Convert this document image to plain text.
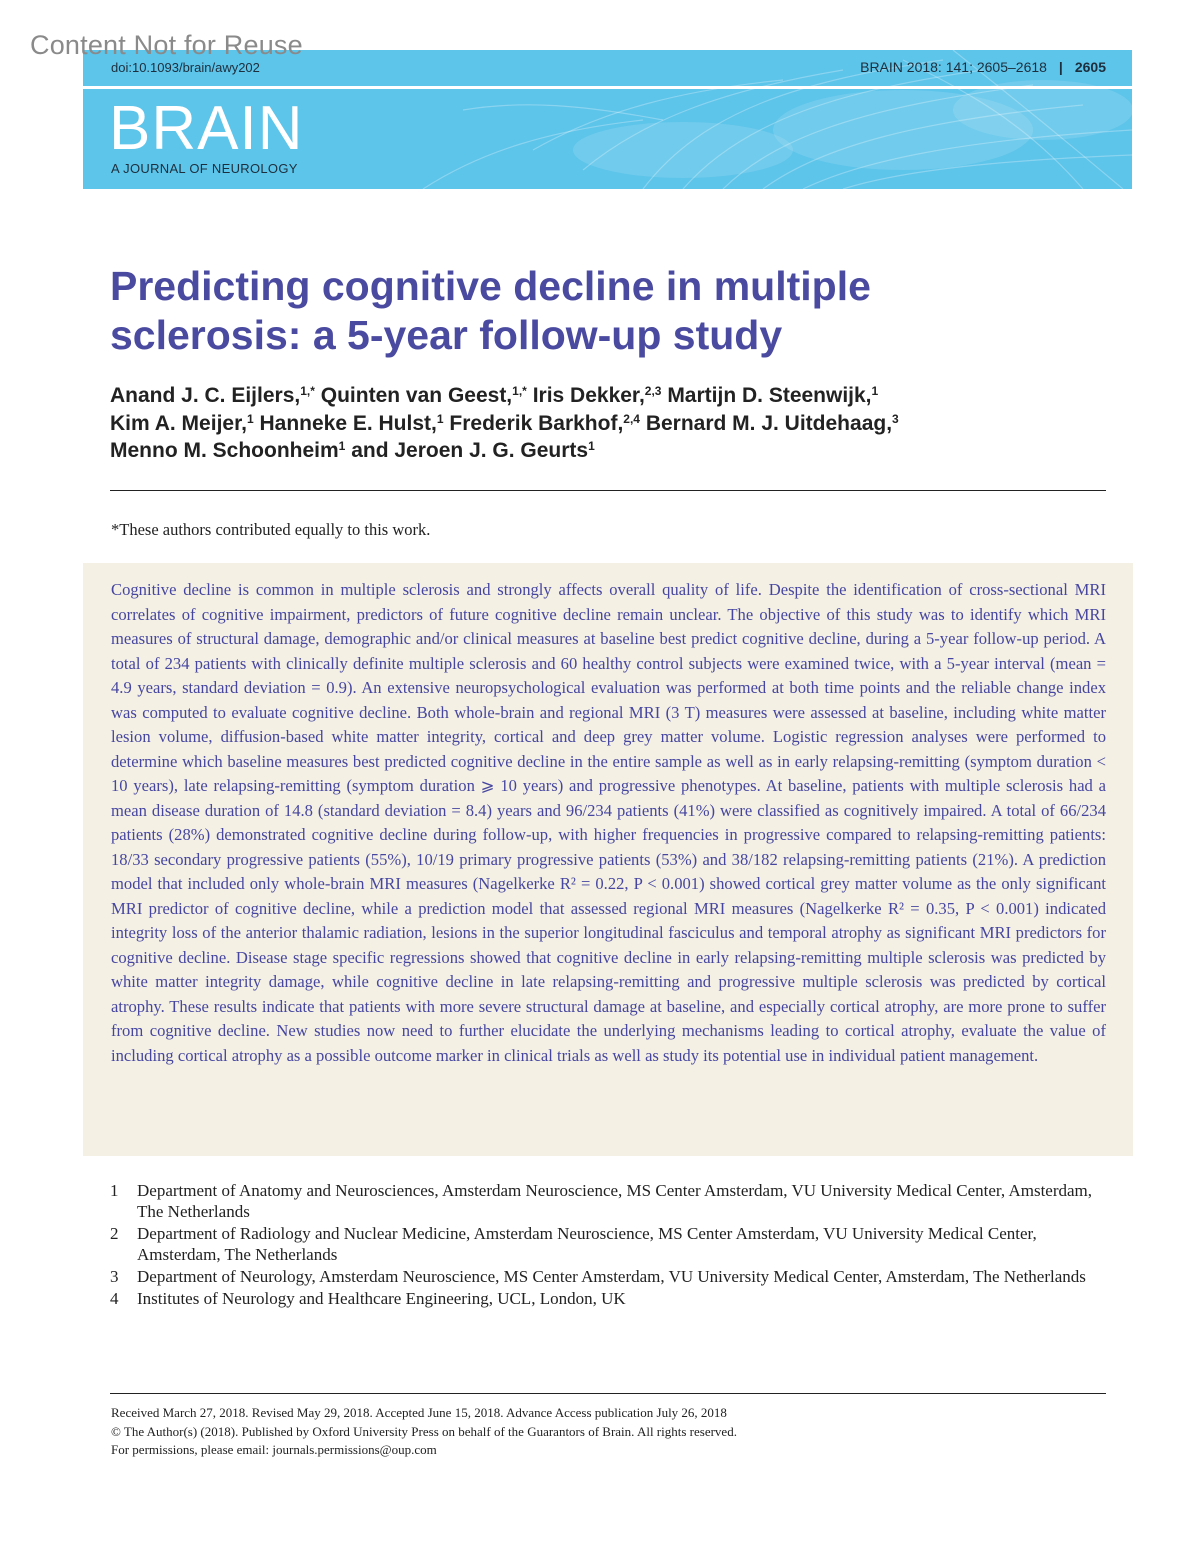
Content Not for Reuse
doi:10.1093/brain/awy202	BRAIN 2018: 141; 2605–2618 | 2605
BRAIN
A JOURNAL OF NEUROLOGY
Predicting cognitive decline in multiple
sclerosis: a 5-year follow-up study
Anand J. C. Eijlers,$^{1,*}$ Quinten van Geest,$^{1,*}$ Iris Dekker,$^{2,3}$ Martijn D. Steenwijk,$^1$
Kim A. Meijer,$^1$ Hanneke E. Hulst,$^1$ Frederik Barkhof,$^{2,4}$ Bernard M. J. Uitdehaag,$^3$
Menno M. Schoonheim$^1$ and Jeroen J. G. Geurts$^1$
*These authors contributed equally to this work.

Cognitive decline is common in multiple sclerosis and strongly affects overall quality of life. Despite the identification of cross-sectional MRI correlates of cognitive impairment, predictors of future cognitive decline remain unclear. The objective of this study was to identify which MRI measures of structural damage, demographic and/or clinical measures at baseline best predict cognitive decline, during a 5-year follow-up period. A total of 234 patients with clinically definite multiple sclerosis and 60 healthy control subjects were examined twice, with a 5-year interval (mean = 4.9 years, standard deviation = 0.9). An extensive neuropsychological evaluation was performed at both time points and the reliable change index was computed to evaluate cognitive decline. Both whole-brain and regional MRI (3 T) measures were assessed at baseline, including white matter lesion volume, diffusion-based white matter integrity, cortical and deep grey matter volume. Logistic regression analyses were performed to determine which baseline measures best predicted cognitive decline in the entire sample as well as in early relapsing-remitting (symptom duration < 10 years), late relapsing-remitting (symptom duration ⩾ 10 years) and progressive phenotypes. At baseline, patients with multiple sclerosis had a mean disease duration of 14.8 (standard deviation = 8.4) years and 96/234 patients (41%) were classified as cognitively impaired. A total of 66/234 patients (28%) demonstrated cognitive decline during follow-up, with higher frequencies in progressive compared to relapsing-remitting patients: 18/33 secondary progressive patients (55%), 10/19 primary progressive patients (53%) and 38/182 relapsing-remitting patients (21%). A prediction model that included only whole-brain MRI measures (Nagelkerke R² = 0.22, P < 0.001) showed cortical grey matter volume as the only significant MRI predictor of cognitive decline, while a prediction model that assessed regional MRI measures (Nagelkerke R² = 0.35, P < 0.001) indicated integrity loss of the anterior thalamic radiation, lesions in the superior longitudinal fasciculus and temporal atrophy as significant MRI predictors for cognitive decline. Disease stage specific regressions showed that cognitive decline in early relapsing-remitting multiple sclerosis was predicted by white matter integrity damage, while cognitive decline in late relapsing-remitting and progressive multiple sclerosis was predicted by cortical atrophy. These results indicate that patients with more severe structural damage at baseline, and especially cortical atrophy, are more prone to suffer from cognitive decline. New studies now need to further elucidate the underlying mechanisms leading to cortical atrophy, evaluate the value of including cortical atrophy as a possible outcome marker in clinical trials as well as study its potential use in individual patient management.

1	Department of Anatomy and Neurosciences, Amsterdam Neuroscience, MS Center Amsterdam, VU University Medical Center, Amsterdam, The Netherlands
2	Department of Radiology and Nuclear Medicine, Amsterdam Neuroscience, MS Center Amsterdam, VU University Medical Center, Amsterdam, The Netherlands
3	Department of Neurology, Amsterdam Neuroscience, MS Center Amsterdam, VU University Medical Center, Amsterdam, The Netherlands
4	Institutes of Neurology and Healthcare Engineering, UCL, London, UK
Received March 27, 2018. Revised May 29, 2018. Accepted June 15, 2018. Advance Access publication July 26, 2018
© The Author(s) (2018). Published by Oxford University Press on behalf of the Guarantors of Brain. All rights reserved.
For permissions, please email: journals.permissions@oup.com
